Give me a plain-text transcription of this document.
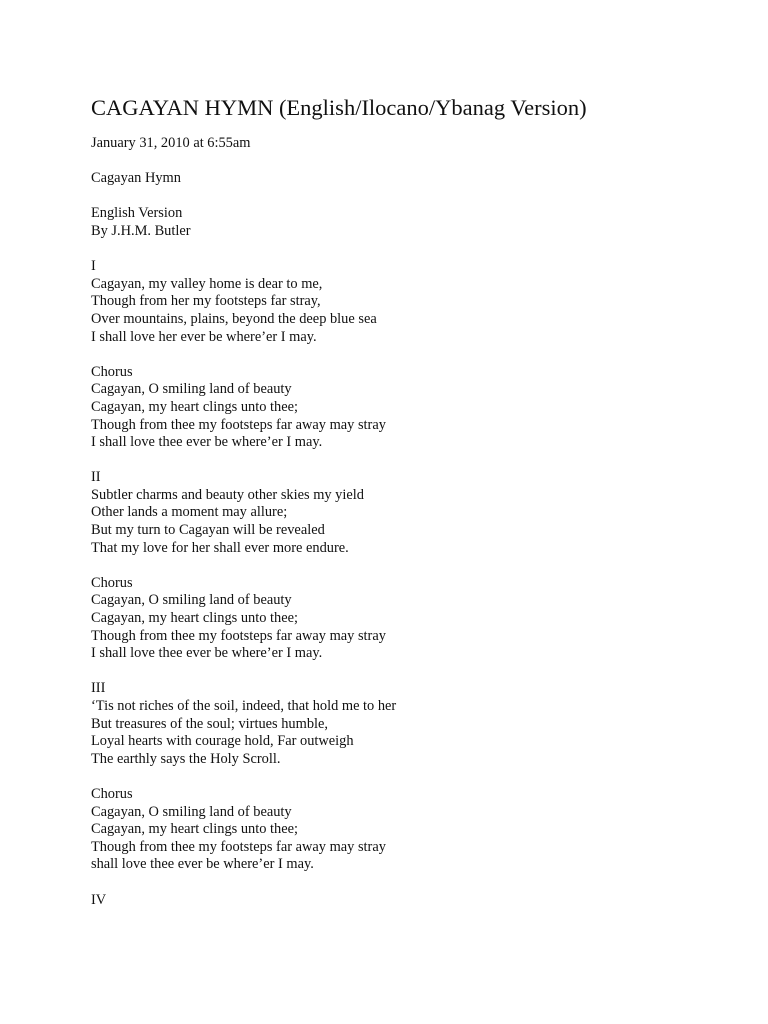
CAGAYAN HYMN (English/Ilocano/Ybanag Version)
January 31, 2010 at 6:55am
Cagayan Hymn
English Version
By J.H.M. Butler
I
Cagayan, my valley home is dear to me,
Though from her my footsteps far stray,
Over mountains, plains, beyond the deep blue sea
I shall love her ever be where’er I may.
Chorus
Cagayan, O smiling land of beauty
Cagayan, my heart clings unto thee;
Though from thee my footsteps far away may stray
I shall love thee ever be where’er I may.
II
Subtler charms and beauty other skies my yield
Other lands a moment may allure;
But my turn to Cagayan will be revealed
That my love for her shall ever more endure.
Chorus
Cagayan, O smiling land of beauty
Cagayan, my heart clings unto thee;
Though from thee my footsteps far away may stray
I shall love thee ever be where’er I may.
III
‘Tis not riches of the soil, indeed, that hold me to her
But treasures of the soul; virtues humble,
Loyal hearts with courage hold, Far outweigh
The earthly says the Holy Scroll.
Chorus
Cagayan, O smiling land of beauty
Cagayan, my heart clings unto thee;
Though from thee my footsteps far away may stray
shall love thee ever be where’er I may.
IV
